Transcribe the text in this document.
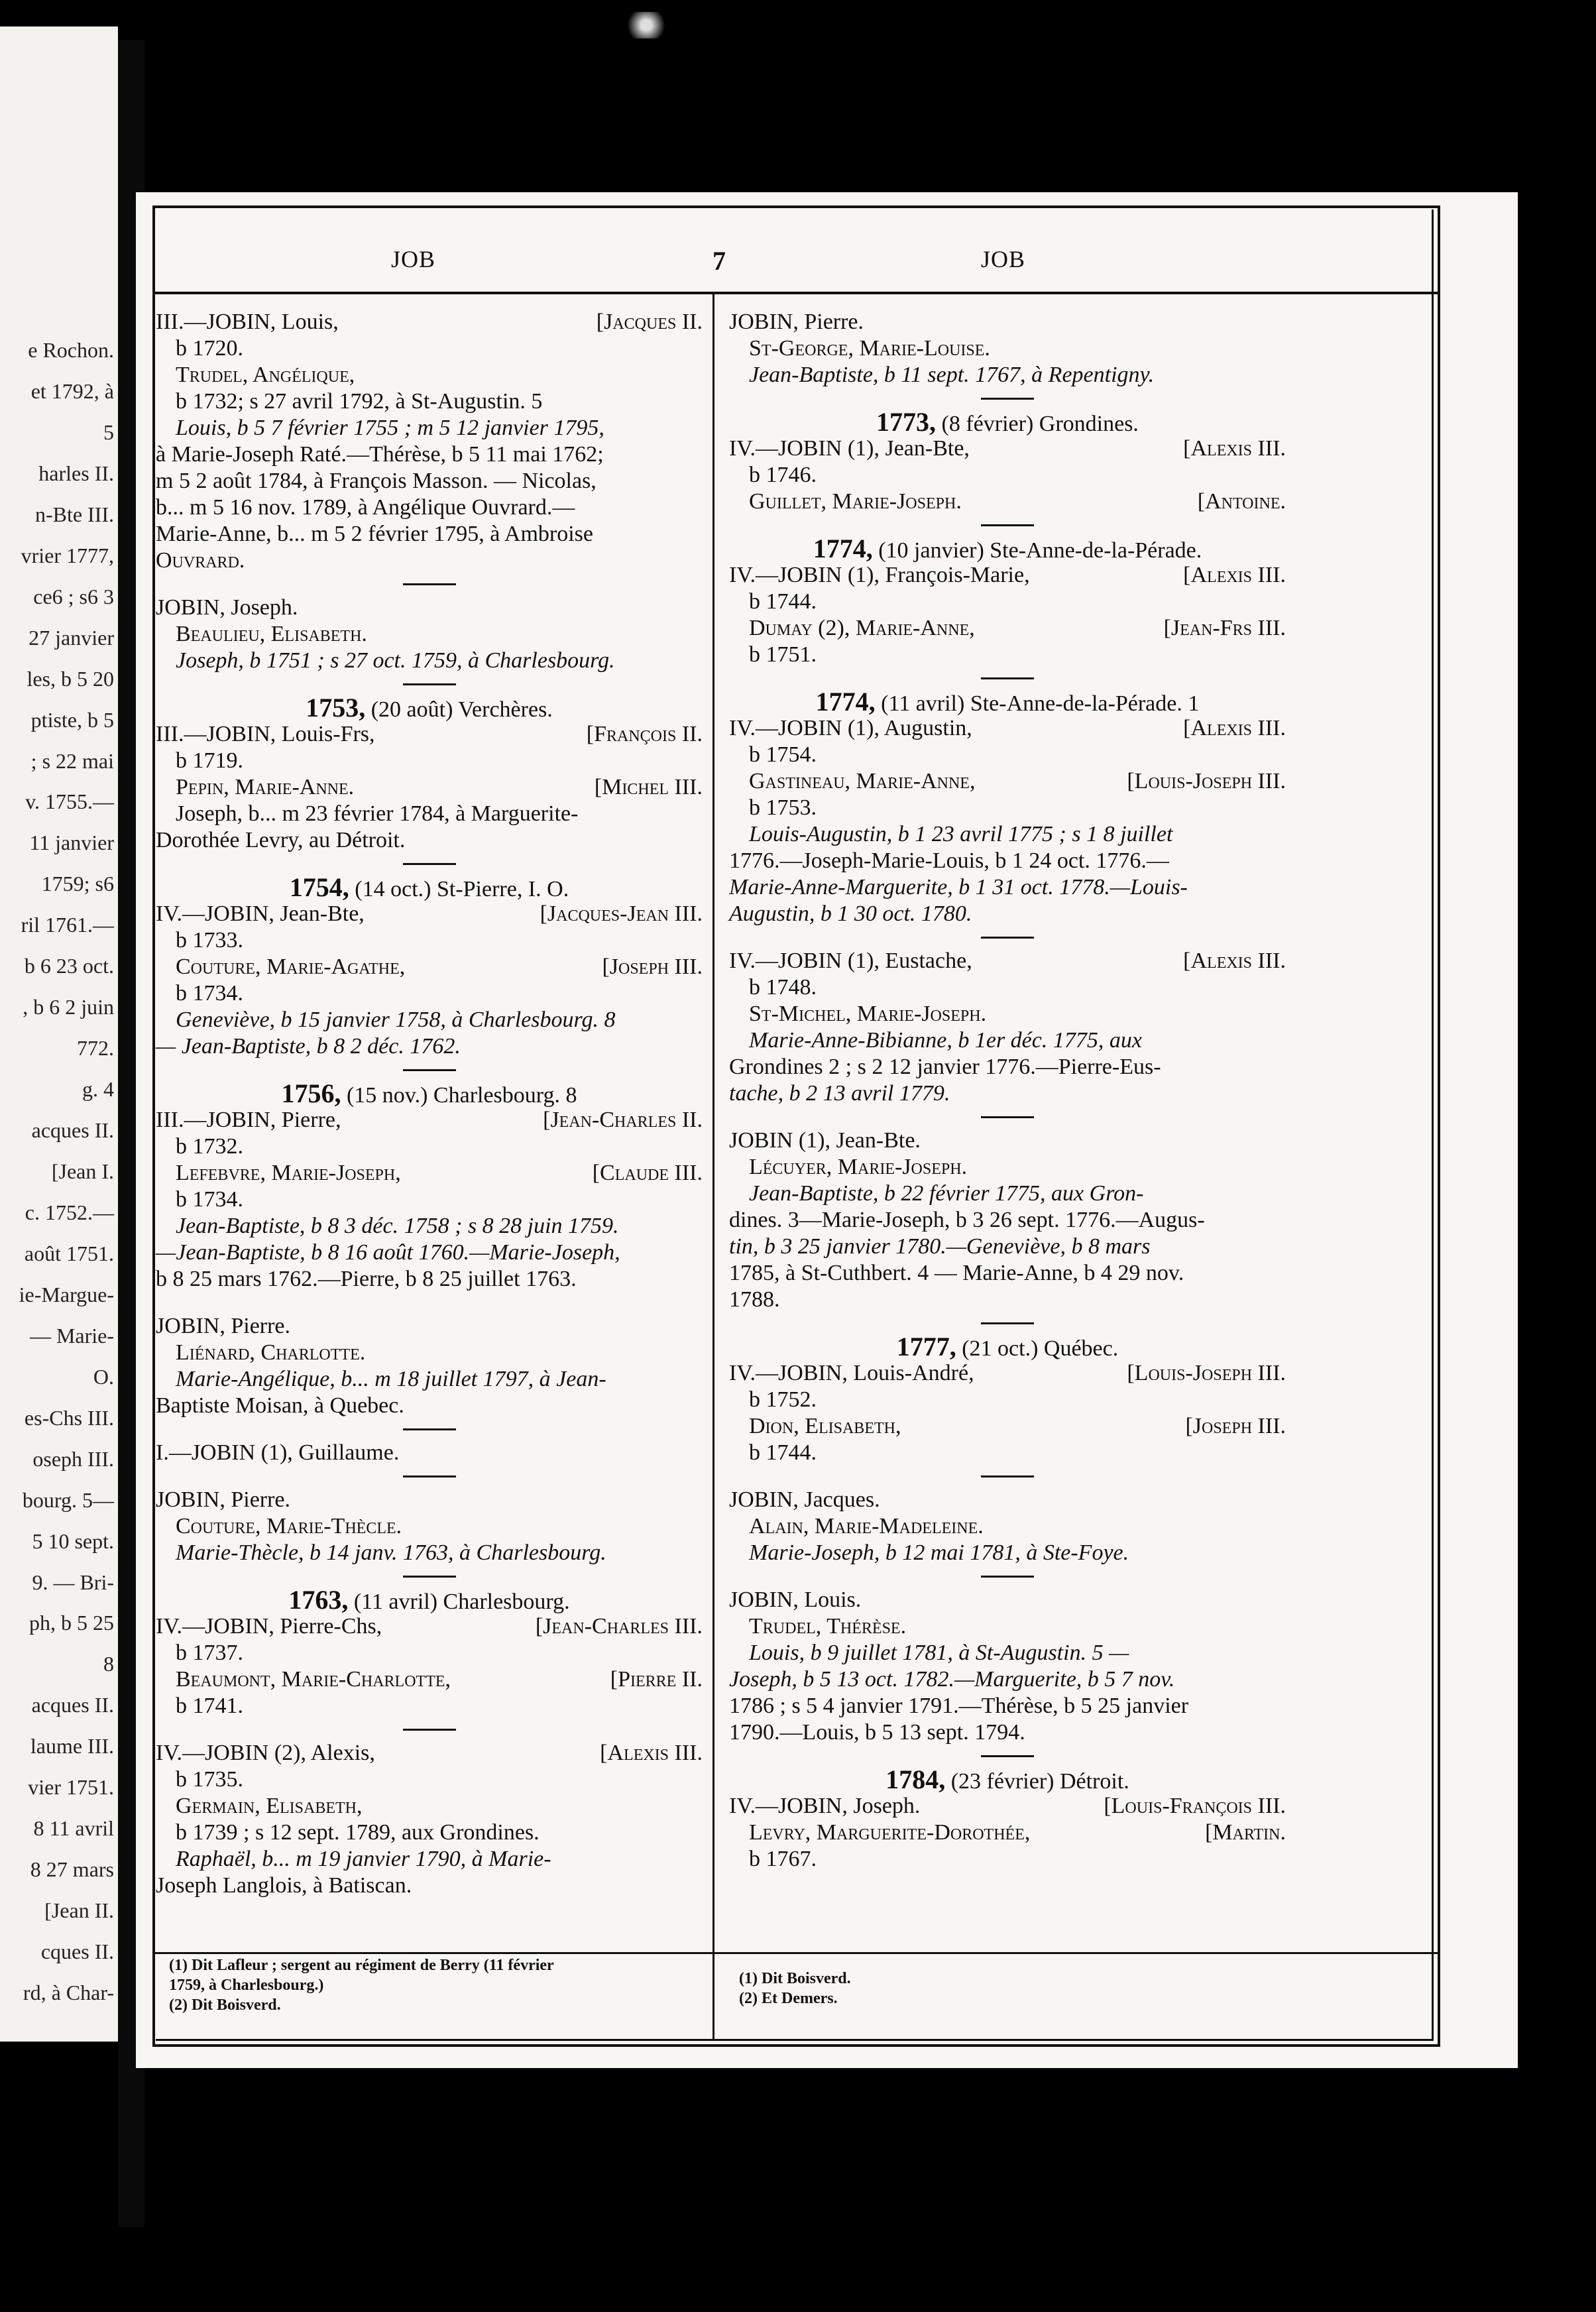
e Rochon.
et 1792, à
5
harles II.
n-Bte III.
vrier 1777,
ce6 ; s6 3
27 janvier
les, b 5 20
ptiste, b 5
; s 22 mai
v. 1755.—
11 janvier
1759; s6
ril 1761.—
b 6 23 oct.
, b 6 2 juin
772.
g. 4
acques II.
[Jean I.
c. 1752.—
août 1751.
ie-Margue-
— Marie-
O.
es-Chs III.
oseph III.
bourg. 5—
5 10 sept.
9. — Bri-
ph, b 5 25
8
acques II.
laume III.
vier 1751.
8 11 avril
8 27 mars
[Jean II.
cques II.
rd, à Char-
JOB	7	JOB
III.—JOBIN, Louis,	[Jacques II.
b 1720.
Trudel, Angélique,
b 1732; s 27 avril 1792, à St-Augustin. 5
Louis, b 5 7 février 1755 ; m 5 12 janvier 1795,
à Marie-Joseph Raté.—Thérèse, b 5 11 mai 1762;
m 5 2 août 1784, à François Masson. — Nicolas,
b... m 5 16 nov. 1789, à Angélique Ouvrard.—
Marie-Anne, b... m 5 2 février 1795, à Ambroise
Ouvrard.
JOBIN, Joseph.
Beaulieu, Elisabeth.
Joseph, b 1751 ; s 27 oct. 1759, à Charlesbourg.
1753, (20 août) Verchères.
III.—JOBIN, Louis-Frs,	[François II.
b 1719.
Pepin, Marie-Anne.	[Michel III.
Joseph, b... m 23 février 1784, à Marguerite-
Dorothée Levry, au Détroit.
1754, (14 oct.) St-Pierre, I. O.
IV.—JOBIN, Jean-Bte,	[Jacques-Jean III.
b 1733.
Couture, Marie-Agathe,	[Joseph III.
b 1734.
Geneviève, b 15 janvier 1758, à Charlesbourg. 8
— Jean-Baptiste, b 8 2 déc. 1762.
1756, (15 nov.) Charlesbourg. 8
III.—JOBIN, Pierre,	[Jean-Charles II.
b 1732.
Lefebvre, Marie-Joseph,	[Claude III.
b 1734.
Jean-Baptiste, b 8 3 déc. 1758 ; s 8 28 juin 1759.
—Jean-Baptiste, b 8 16 août 1760.—Marie-Joseph,
b 8 25 mars 1762.—Pierre, b 8 25 juillet 1763.
JOBIN, Pierre.
Liénard, Charlotte.
Marie-Angélique, b... m 18 juillet 1797, à Jean-
Baptiste Moisan, à Quebec.
I.—JOBIN (1), Guillaume.
JOBIN, Pierre.
Couture, Marie-Thècle.
Marie-Thècle, b 14 janv. 1763, à Charlesbourg.
1763, (11 avril) Charlesbourg.
IV.—JOBIN, Pierre-Chs,	[Jean-Charles III.
b 1737.
Beaumont, Marie-Charlotte,	[Pierre II.
b 1741.
IV.—JOBIN (2), Alexis,	[Alexis III.
b 1735.
Germain, Elisabeth,
b 1739 ; s 12 sept. 1789, aux Grondines.
Raphaël, b... m 19 janvier 1790, à Marie-
Joseph Langlois, à Batiscan.
(1) Dit Lafleur ; sergent au régiment de Berry (11 février
1759, à Charlesbourg.)
(2) Dit Boisverd.
JOBIN, Pierre.
St-George, Marie-Louise.
Jean-Baptiste, b 11 sept. 1767, à Repentigny.
1773, (8 février) Grondines.
IV.—JOBIN (1), Jean-Bte,	[Alexis III.
b 1746.
Guillet, Marie-Joseph.	[Antoine.
1774, (10 janvier) Ste-Anne-de-la-Pérade.
IV.—JOBIN (1), François-Marie,	[Alexis III.
b 1744.
Dumay (2), Marie-Anne,	[Jean-Frs III.
b 1751.
1774, (11 avril) Ste-Anne-de-la-Pérade. 1
IV.—JOBIN (1), Augustin,	[Alexis III.
b 1754.
Gastineau, Marie-Anne,	[Louis-Joseph III.
b 1753.
Louis-Augustin, b 1 23 avril 1775 ; s 1 8 juillet
1776.—Joseph-Marie-Louis, b 1 24 oct. 1776.—
Marie-Anne-Marguerite, b 1 31 oct. 1778.—Louis-
Augustin, b 1 30 oct. 1780.
IV.—JOBIN (1), Eustache,	[Alexis III.
b 1748.
St-Michel, Marie-Joseph.
Marie-Anne-Bibianne, b 1er déc. 1775, aux
Grondines 2 ; s 2 12 janvier 1776.—Pierre-Eus-
tache, b 2 13 avril 1779.
JOBIN (1), Jean-Bte.
Lécuyer, Marie-Joseph.
Jean-Baptiste, b 22 février 1775, aux Gron-
dines. 3—Marie-Joseph, b 3 26 sept. 1776.—Augus-
tin, b 3 25 janvier 1780.—Geneviève, b 8 mars
1785, à St-Cuthbert. 4 — Marie-Anne, b 4 29 nov.
1788.
1777, (21 oct.) Québec.
IV.—JOBIN, Louis-André,	[Louis-Joseph III.
b 1752.
Dion, Elisabeth,	[Joseph III.
b 1744.
JOBIN, Jacques.
Alain, Marie-Madeleine.
Marie-Joseph, b 12 mai 1781, à Ste-Foye.
JOBIN, Louis.
Trudel, Thérèse.
Louis, b 9 juillet 1781, à St-Augustin. 5 —
Joseph, b 5 13 oct. 1782.—Marguerite, b 5 7 nov.
1786 ; s 5 4 janvier 1791.—Thérèse, b 5 25 janvier
1790.—Louis, b 5 13 sept. 1794.
1784, (23 février) Détroit.
IV.—JOBIN, Joseph.	[Louis-François III.
Levry, Marguerite-Dorothée,	[Martin.
b 1767.
(1) Dit Boisverd.
(2) Et Demers.
